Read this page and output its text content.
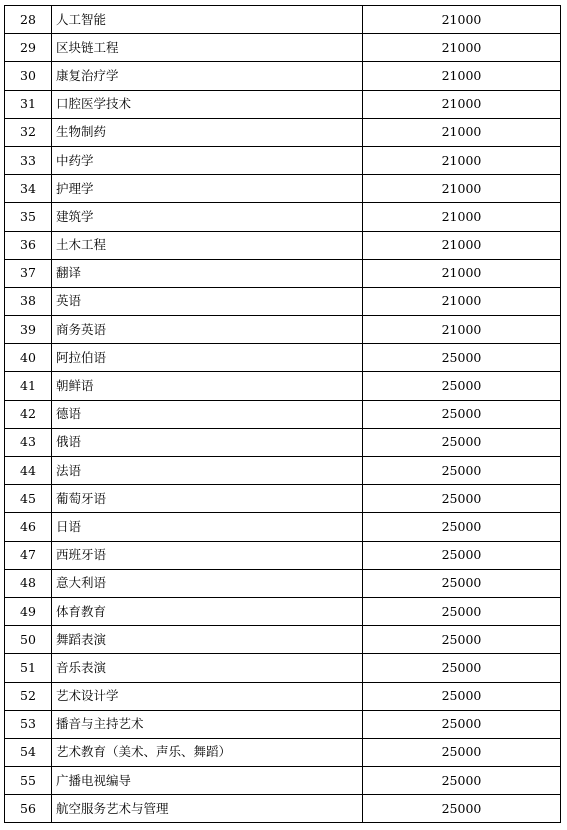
28	人工智能	21000
29	区块链工程	21000
30	康复治疗学	21000
31	口腔医学技术	21000
32	生物制药	21000
33	中药学	21000
34	护理学	21000
35	建筑学	21000
36	土木工程	21000
37	翻译	21000
38	英语	21000
39	商务英语	21000
40	阿拉伯语	25000
41	朝鲜语	25000
42	德语	25000
43	俄语	25000
44	法语	25000
45	葡萄牙语	25000
46	日语	25000
47	西班牙语	25000
48	意大利语	25000
49	体育教育	25000
50	舞蹈表演	25000
51	音乐表演	25000
52	艺术设计学	25000
53	播音与主持艺术	25000
54	艺术教育（美术、声乐、舞蹈）	25000
55	广播电视编导	25000
56	航空服务艺术与管理	25000
